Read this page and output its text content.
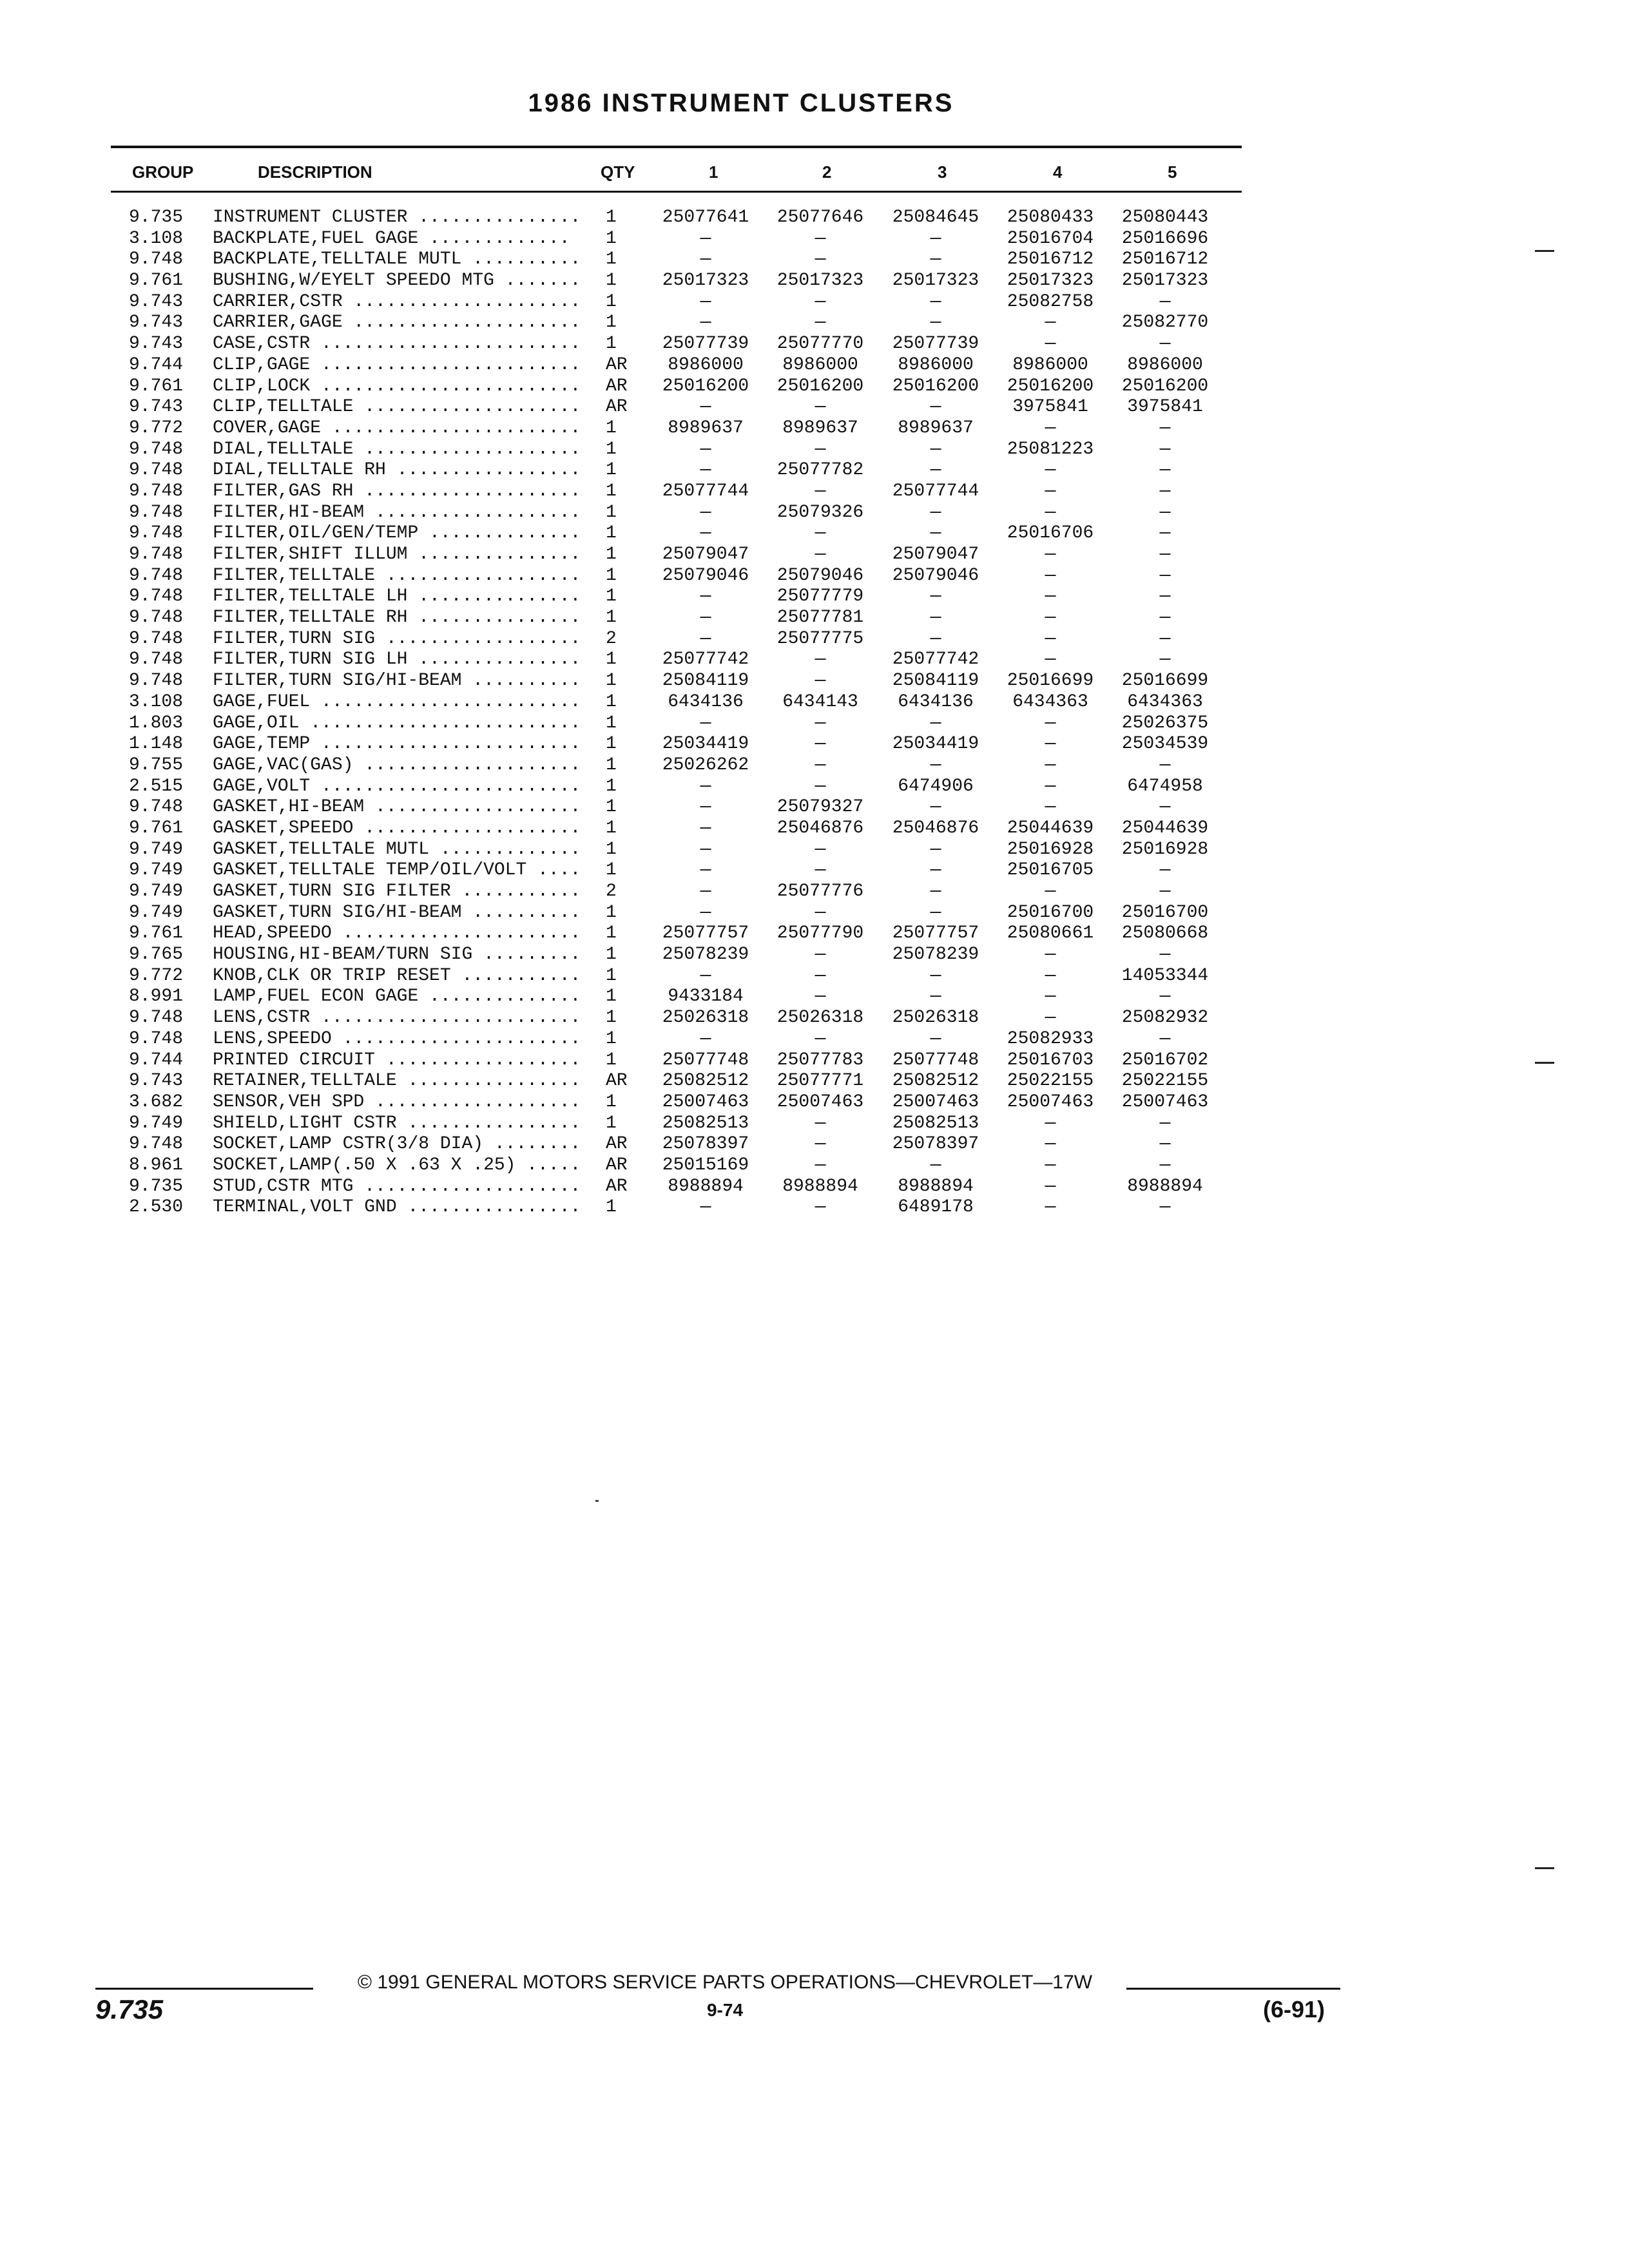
1986 INSTRUMENT CLUSTERS
GROUP	DESCRIPTION	QTY	1	2	3	4	5
9.735 INSTRUMENT CLUSTER ............... 1	25077641	25077646	25084645	25080433	25080443
3.108 BACKPLATE,FUEL GAGE ............. 1	—	—	—	25016704	25016696
9.748 BACKPLATE,TELLTALE MUTL .......... 1	—	—	—	25016712	25016712
9.761 BUSHING,W/EYELT SPEEDO MTG ....... 1	25017323	25017323	25017323	25017323	25017323
9.743 CARRIER,CSTR ..................... 1	—	—	—	25082758	—
9.743 CARRIER,GAGE ..................... 1	—	—	—	—	25082770
9.743 CASE,CSTR ........................ 1	25077739	25077770	25077739	—	—
9.744 CLIP,GAGE ........................ AR	8986000	8986000	8986000	8986000	8986000
9.761 CLIP,LOCK ........................ AR	25016200	25016200	25016200	25016200	25016200
9.743 CLIP,TELLTALE .................... AR	—	—	—	3975841	3975841
9.772 COVER,GAGE ....................... 1	8989637	8989637	8989637	—	—
9.748 DIAL,TELLTALE .................... 1	—	—	—	25081223	—
9.748 DIAL,TELLTALE RH ................. 1	—	25077782	—	—	—
9.748 FILTER,GAS RH .................... 1	25077744	—	25077744	—	—
9.748 FILTER,HI-BEAM ................... 1	—	25079326	—	—	—
9.748 FILTER,OIL/GEN/TEMP .............. 1	—	—	—	25016706	—
9.748 FILTER,SHIFT ILLUM ............... 1	25079047	—	25079047	—	—
9.748 FILTER,TELLTALE .................. 1	25079046	25079046	25079046	—	—
9.748 FILTER,TELLTALE LH ............... 1	—	25077779	—	—	—
9.748 FILTER,TELLTALE RH ............... 1	—	25077781	—	—	—
9.748 FILTER,TURN SIG .................. 2	—	25077775	—	—	—
9.748 FILTER,TURN SIG LH ............... 1	25077742	—	25077742	—	—
9.748 FILTER,TURN SIG/HI-BEAM .......... 1	25084119	—	25084119	25016699	25016699
3.108 GAGE,FUEL ........................ 1	6434136	6434143	6434136	6434363	6434363
1.803 GAGE,OIL ......................... 1	—	—	—	—	25026375
1.148 GAGE,TEMP ........................ 1	25034419	—	25034419	—	25034539
9.755 GAGE,VAC(GAS) .................... 1	25026262	—	—	—	—
2.515 GAGE,VOLT ........................ 1	—	—	6474906	—	6474958
9.748 GASKET,HI-BEAM ................... 1	—	25079327	—	—	—
9.761 GASKET,SPEEDO .................... 1	—	25046876	25046876	25044639	25044639
9.749 GASKET,TELLTALE MUTL ............. 1	—	—	—	25016928	25016928
9.749 GASKET,TELLTALE TEMP/OIL/VOLT .... 1	—	—	—	25016705	—
9.749 GASKET,TURN SIG FILTER ........... 2	—	25077776	—	—	—
9.749 GASKET,TURN SIG/HI-BEAM .......... 1	—	—	—	25016700	25016700
9.761 HEAD,SPEEDO ...................... 1	25077757	25077790	25077757	25080661	25080668
9.765 HOUSING,HI-BEAM/TURN SIG ......... 1	25078239	—	25078239	—	—
9.772 KNOB,CLK OR TRIP RESET ........... 1	—	—	—	—	14053344
8.991 LAMP,FUEL ECON GAGE .............. 1	9433184	—	—	—	—
9.748 LENS,CSTR ........................ 1	25026318	25026318	25026318	—	25082932
9.748 LENS,SPEEDO ...................... 1	—	—	—	25082933	—
9.744 PRINTED CIRCUIT .................. 1	25077748	25077783	25077748	25016703	25016702
9.743 RETAINER,TELLTALE ................ AR	25082512	25077771	25082512	25022155	25022155
3.682 SENSOR,VEH SPD ................... 1	25007463	25007463	25007463	25007463	25007463
9.749 SHIELD,LIGHT CSTR ................ 1	25082513	—	25082513	—	—
9.748 SOCKET,LAMP CSTR(3/8 DIA) ........ AR	25078397	—	25078397	—	—
8.961 SOCKET,LAMP(.50 X .63 X .25) ..... AR	25015169	—	—	—	—
9.735 STUD,CSTR MTG .................... AR	8988894	8988894	8988894	—	8988894
2.530 TERMINAL,VOLT GND ................ 1	—	—	6489178	—	—
9.735
© 1991 GENERAL MOTORS SERVICE PARTS OPERATIONS—CHEVROLET—17W
9-74	(6-91)
